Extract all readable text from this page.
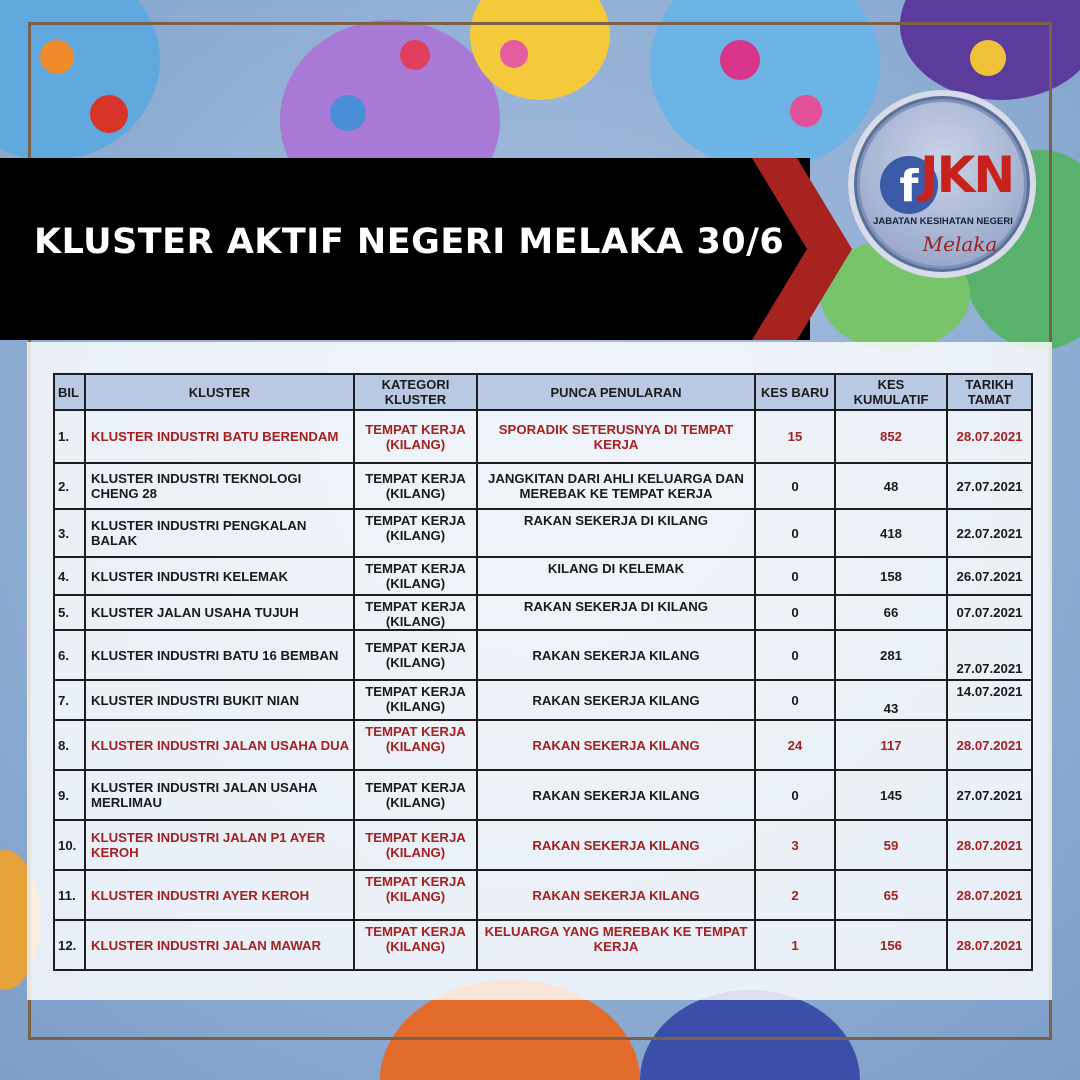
KLUSTER AKTIF NEGERI MELAKA 30/6
f JKN
JABATAN KESIHATAN NEGERI
Melaka
BIL	KLUSTER	KATEGORI KLUSTER	PUNCA PENULARAN	KES BARU	KES KUMULATIF	TARIKH TAMAT
1.	KLUSTER INDUSTRI BATU BERENDAM	TEMPAT KERJA (KILANG)	SPORADIK SETERUSNYA DI TEMPAT KERJA	15	852	28.07.2021
2.	KLUSTER INDUSTRI TEKNOLOGI CHENG 28	TEMPAT KERJA (KILANG)	JANGKITAN DARI AHLI KELUARGA DAN MEREBAK KE TEMPAT KERJA	0	48	27.07.2021
3.	KLUSTER INDUSTRI PENGKALAN BALAK	TEMPAT KERJA (KILANG)	RAKAN SEKERJA DI KILANG	0	418	22.07.2021
4.	KLUSTER INDUSTRI KELEMAK	TEMPAT KERJA (KILANG)	KILANG DI KELEMAK	0	158	26.07.2021
5.	KLUSTER JALAN USAHA TUJUH	TEMPAT KERJA (KILANG)	RAKAN SEKERJA DI KILANG	0	66	07.07.2021
6.	KLUSTER INDUSTRI BATU 16 BEMBAN	TEMPAT KERJA (KILANG)	RAKAN SEKERJA KILANG	0	281	27.07.2021
7.	KLUSTER INDUSTRI BUKIT NIAN	TEMPAT KERJA (KILANG)	RAKAN SEKERJA KILANG	0	43	14.07.2021
8.	KLUSTER INDUSTRI JALAN USAHA DUA	TEMPAT KERJA (KILANG)	RAKAN SEKERJA KILANG	24	117	28.07.2021
9.	KLUSTER INDUSTRI JALAN USAHA MERLIMAU	TEMPAT KERJA (KILANG)	RAKAN SEKERJA KILANG	0	145	27.07.2021
10.	KLUSTER INDUSTRI JALAN P1 AYER KEROH	TEMPAT KERJA (KILANG)	RAKAN SEKERJA KILANG	3	59	28.07.2021
11.	KLUSTER INDUSTRI AYER KEROH	TEMPAT KERJA (KILANG)	RAKAN SEKERJA KILANG	2	65	28.07.2021
12.	KLUSTER INDUSTRI JALAN MAWAR	TEMPAT KERJA (KILANG)	KELUARGA YANG MEREBAK KE TEMPAT KERJA	1	156	28.07.2021
